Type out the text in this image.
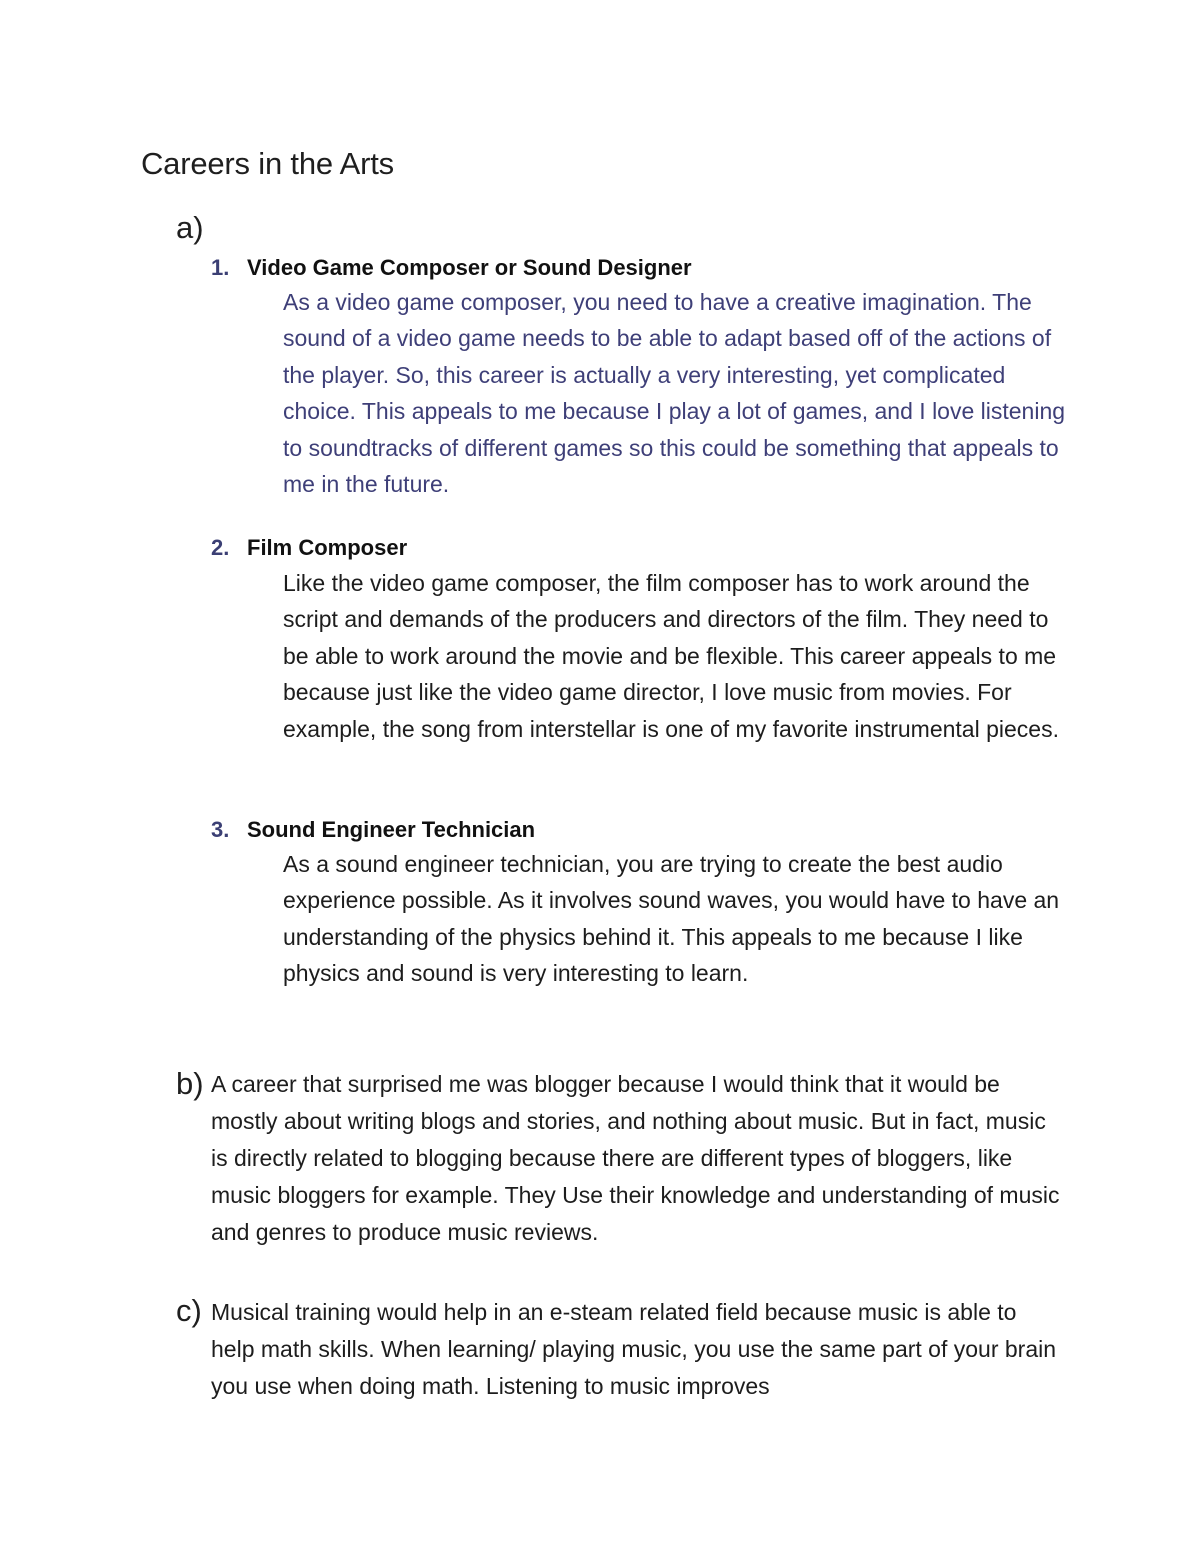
Careers in the Arts
a)
1. Video Game Composer or Sound Designer

As a video game composer, you need to have a creative imagination. The sound of a video game needs to be able to adapt based off of the actions of the player. So, this career is actually a very interesting, yet complicated choice. This appeals to me because I play a lot of games, and I love listening to soundtracks of different games so this could be something that appeals to me in the future.

2. Film Composer

Like the video game composer, the film composer has to work around the script and demands of the producers and directors of the film. They need to be able to work around the movie and be flexible. This career appeals to me because just like the video game director, I love music from movies. For example, the song from interstellar is one of my favorite instrumental pieces.

3. Sound Engineer Technician

As a sound engineer technician, you are trying to create the best audio experience possible. As it involves sound waves, you would have to have an understanding of the physics behind it. This appeals to me because I like physics and sound is very interesting to learn.

b) A career that surprised me was blogger because I would think that it would be mostly about writing blogs and stories, and nothing about music. But in fact, music is directly related to blogging because there are different types of bloggers, like music bloggers for example. They Use their knowledge and understanding of music and genres to produce music reviews.

c) Musical training would help in an e-steam related field because music is able to help math skills. When learning/ playing music, you use the same part of your brain you use when doing math. Listening to music improves
